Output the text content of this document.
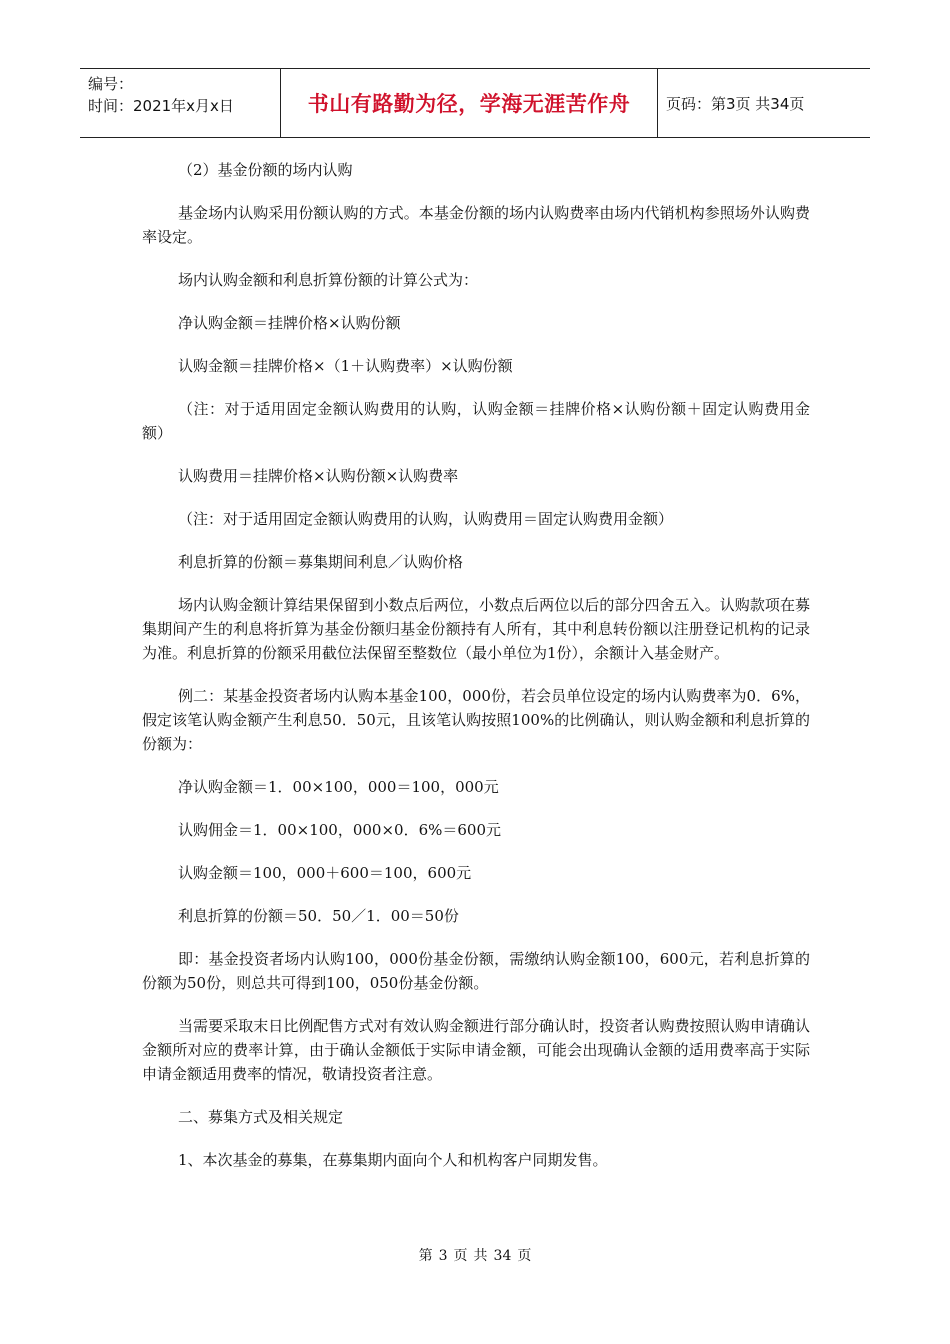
编号：
时间：2021年x月x日	书山有路勤为径，学海无涯苦作舟	页码：第3页 共34页

（2）基金份额的场内认购

基金场内认购采用份额认购的方式。本基金份额的场内认购费率由场内代销机构参照场外认购费率设定。

场内认购金额和利息折算份额的计算公式为：

净认购金额＝挂牌价格×认购份额

认购金额＝挂牌价格×（1＋认购费率）×认购份额

（注：对于适用固定金额认购费用的认购，认购金额＝挂牌价格×认购份额＋固定认购费用金额）

认购费用＝挂牌价格×认购份额×认购费率

（注：对于适用固定金额认购费用的认购，认购费用＝固定认购费用金额）

利息折算的份额＝募集期间利息／认购价格

场内认购金额计算结果保留到小数点后两位，小数点后两位以后的部分四舍五入。认购款项在募集期间产生的利息将折算为基金份额归基金份额持有人所有，其中利息转份额以注册登记机构的记录为准。利息折算的份额采用截位法保留至整数位（最小单位为1份），余额计入基金财产。

例二：某基金投资者场内认购本基金100，000份，若会员单位设定的场内认购费率为0．6%，假定该笔认购金额产生利息50．50元，且该笔认购按照100%的比例确认，则认购金额和利息折算的份额为：

净认购金额＝1．00×100，000＝100，000元

认购佣金＝1．00×100，000×0．6%＝600元

认购金额＝100，000＋600＝100，600元

利息折算的份额＝50．50／1．00＝50份

即：基金投资者场内认购100，000份基金份额，需缴纳认购金额100，600元，若利息折算的份额为50份，则总共可得到100，050份基金份额。

当需要采取末日比例配售方式对有效认购金额进行部分确认时，投资者认购费按照认购申请确认金额所对应的费率计算，由于确认金额低于实际申请金额，可能会出现确认金额的适用费率高于实际申请金额适用费率的情况，敬请投资者注意。

二、募集方式及相关规定

1、本次基金的募集，在募集期内面向个人和机构客户同期发售。

第 3 页 共 34 页
